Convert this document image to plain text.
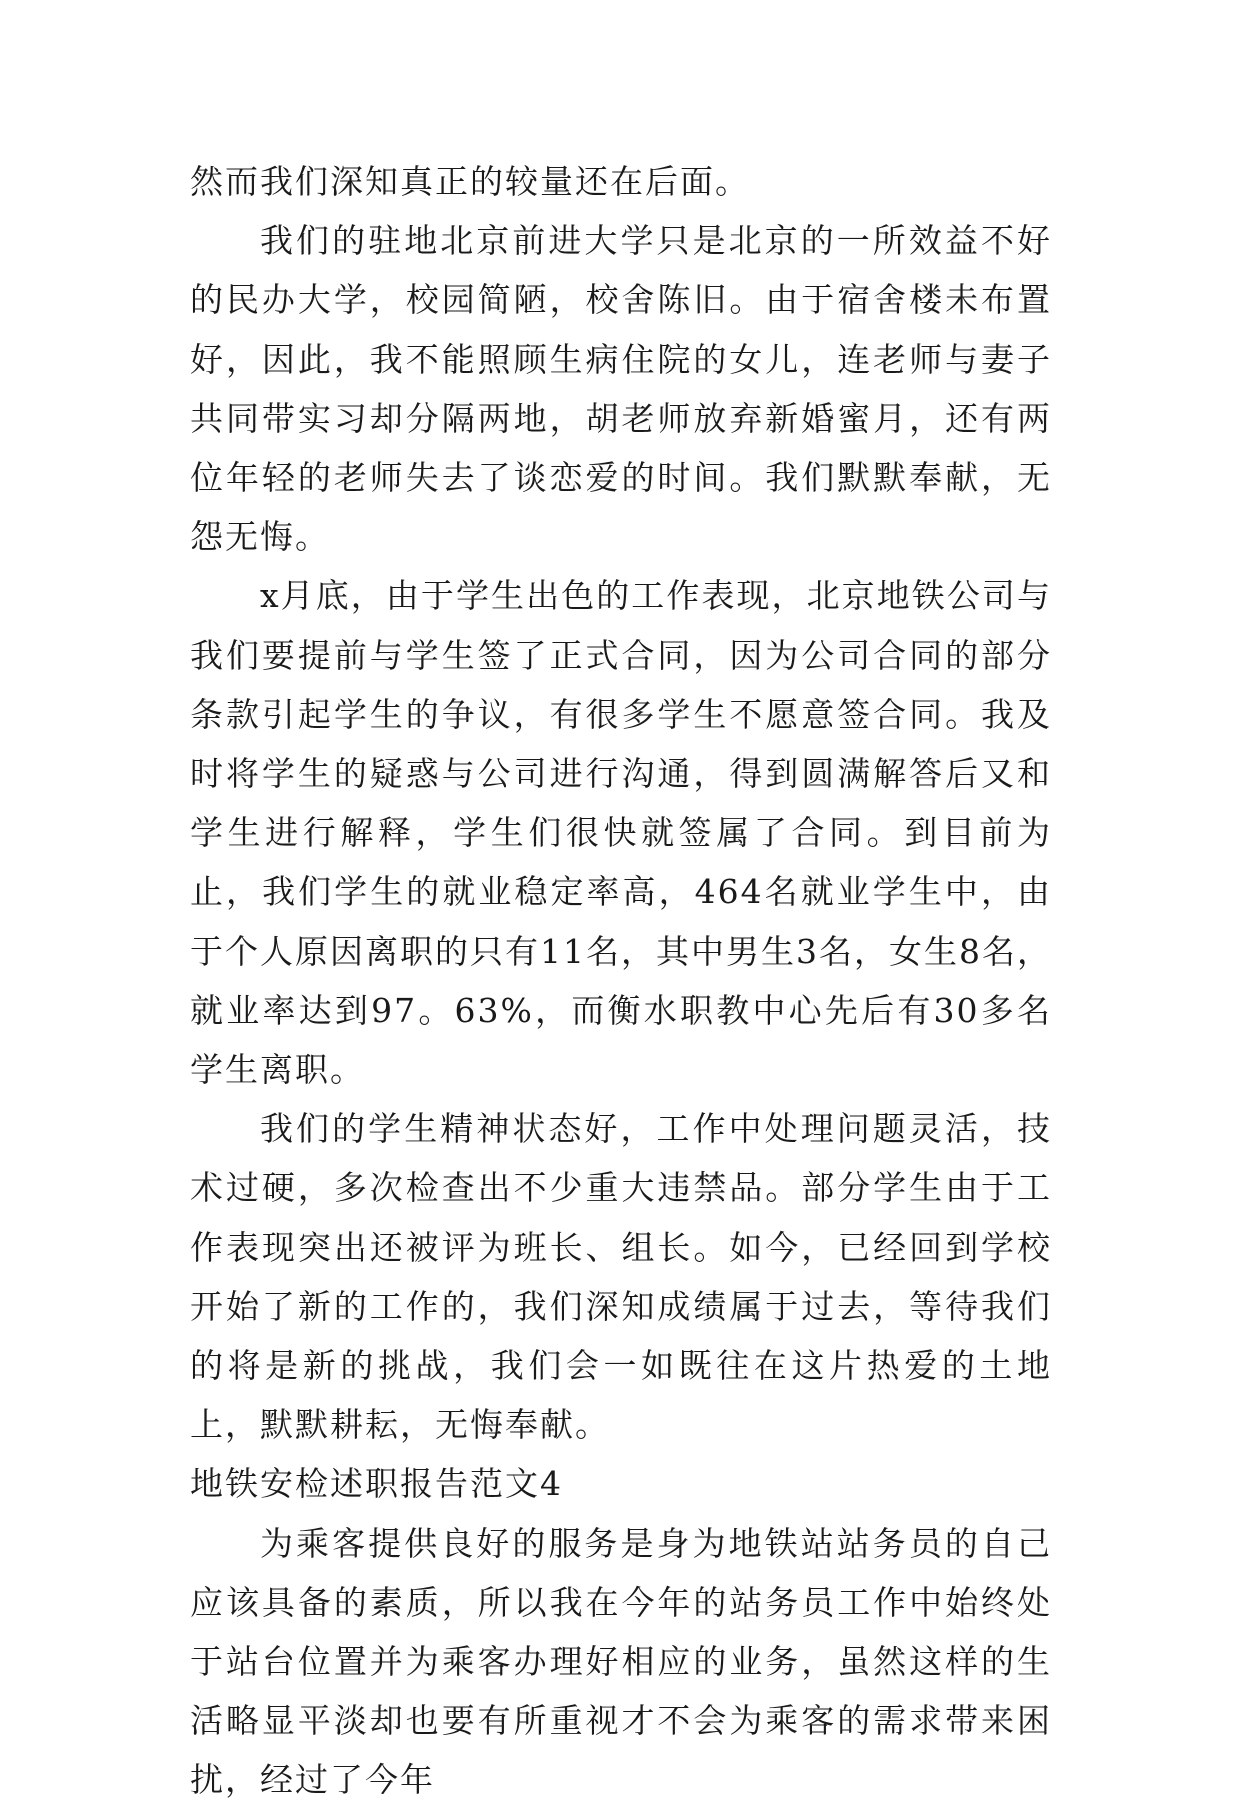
然而我们深知真正的较量还在后面。

我们的驻地北京前进大学只是北京的一所效益不好的民办大学，校园简陋，校舍陈旧。由于宿舍楼未布置好，因此，我不能照顾生病住院的女儿，连老师与妻子共同带实习却分隔两地，胡老师放弃新婚蜜月，还有两位年轻的老师失去了谈恋爱的时间。我们默默奉献，无怨无悔。

x月底，由于学生出色的工作表现，北京地铁公司与我们要提前与学生签了正式合同，因为公司合同的部分条款引起学生的争议，有很多学生不愿意签合同。我及时将学生的疑惑与公司进行沟通，得到圆满解答后又和学生进行解释，学生们很快就签属了合同。到目前为止，我们学生的就业稳定率高，464名就业学生中，由于个人原因离职的只有11名，其中男生3名，女生8名，就业率达到97。63%，而衡水职教中心先后有30多名学生离职。

我们的学生精神状态好，工作中处理问题灵活，技术过硬，多次检查出不少重大违禁品。部分学生由于工作表现突出还被评为班长、组长。如今，已经回到学校开始了新的工作的，我们深知成绩属于过去，等待我们的将是新的挑战，我们会一如既往在这片热爱的土地上，默默耕耘，无悔奉献。

地铁安检述职报告范文4

为乘客提供良好的服务是身为地铁站站务员的自己应该具备的素质，所以我在今年的站务员工作中始终处于站台位置并为乘客办理好相应的业务，虽然这样的生活略显平淡却也要有所重视才不会为乘客的需求带来困扰，经过了今年
